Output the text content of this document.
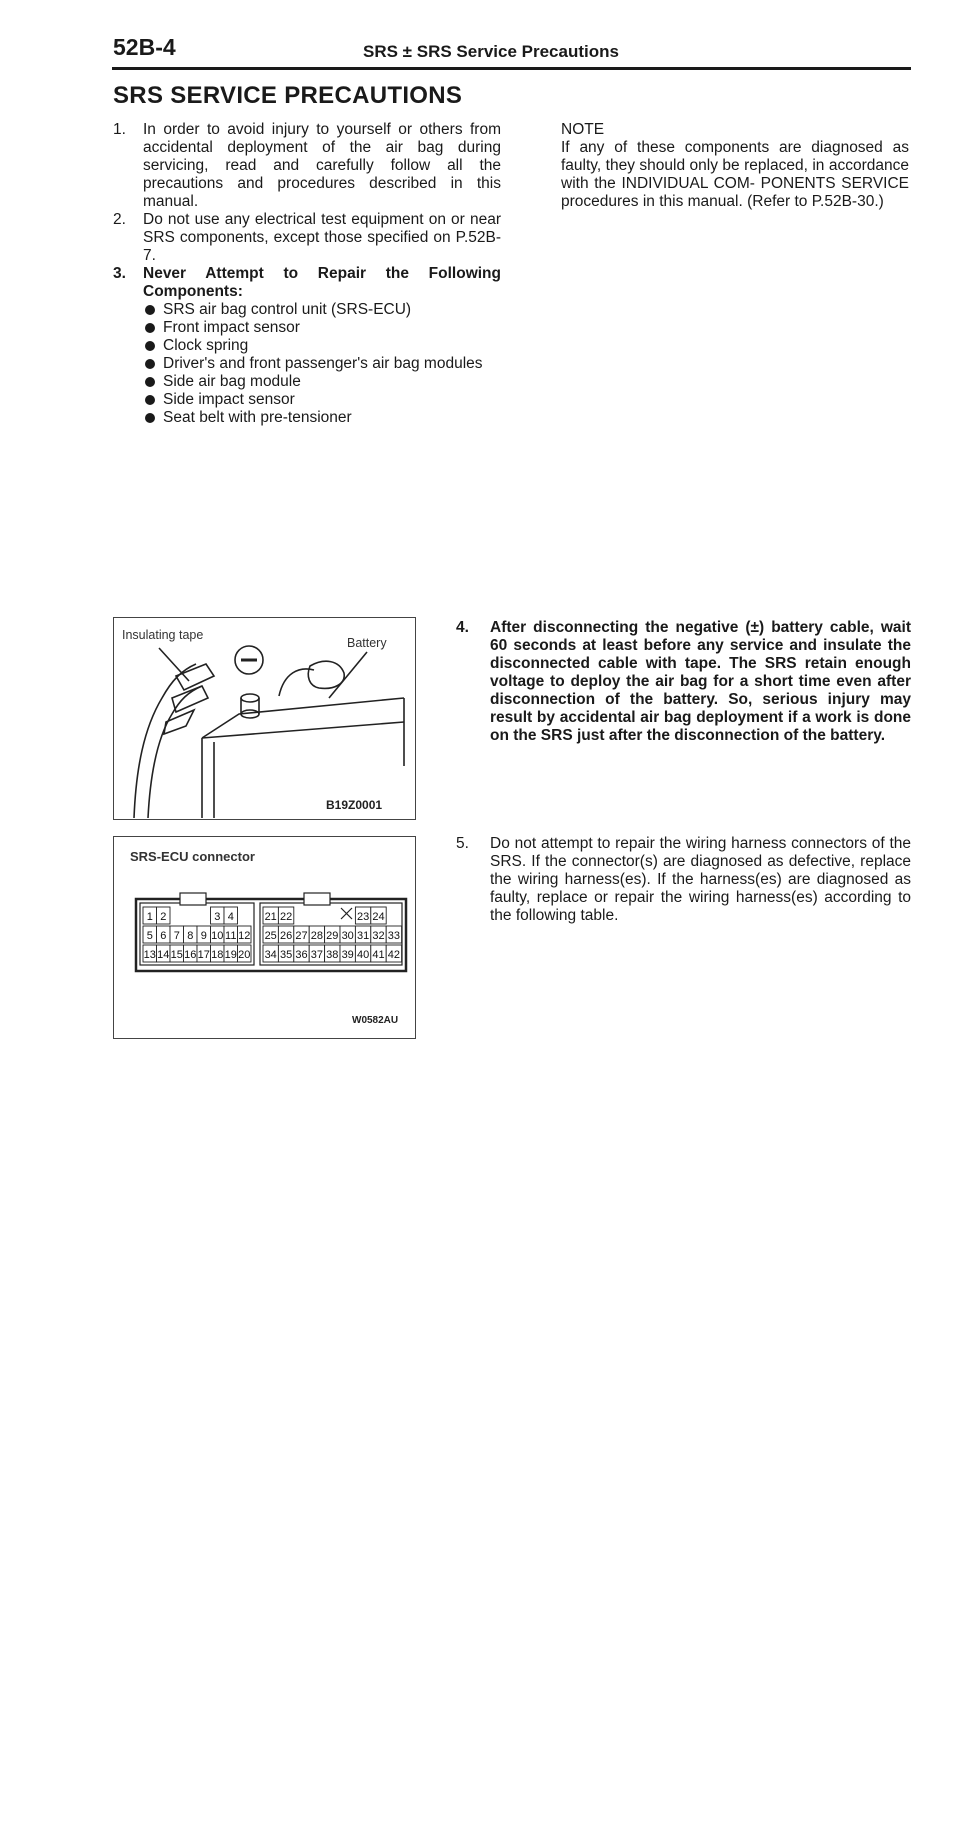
52B-4	SRS ± SRS Service Precautions
SRS SERVICE PRECAUTIONS
1. In order to avoid injury to yourself or others from accidental deployment of the air bag during servicing, read and carefully follow all the precautions and procedures described in this manual.
2. Do not use any electrical test equipment on or near SRS components, except those specified on P.52B-7.
3. Never Attempt to Repair the Following Components:
SRS air bag control unit (SRS-ECU)
Front impact sensor
Clock spring
Driver's and front passenger's air bag modules
Side air bag module
Side impact sensor
Seat belt with pre-tensioner
NOTE
If any of these components are diagnosed as faulty, they should only be replaced, in accordance with the INDIVIDUAL COM- PONENTS SERVICE procedures in this manual. (Refer to P.52B-30.)
Insulating tape
Battery
B19Z0001
SRS-ECU connector
1 2	3 4
5 6 7 8 9 10 11 12
13 14 15 16 17 18 19 20
21 22	23 24
25 26 27 28 29 30 31 32 33
34 35 36 37 38 39 40 41 42
W0582AU
4. After disconnecting the negative (±) battery cable, wait 60 seconds at least before any service and insulate the disconnected cable with tape. The SRS retain enough voltage to deploy the air bag for a short time even after disconnection of the battery. So, serious injury may result by accidental air bag deployment if a work is done on the SRS just after the disconnection of the battery.
5. Do not attempt to repair the wiring harness connectors of the SRS. If the connector(s) are diagnosed as defective, replace the wiring harness(es). If the harness(es) are diagnosed as faulty, replace or repair the wiring harness(es) according to the following table.
